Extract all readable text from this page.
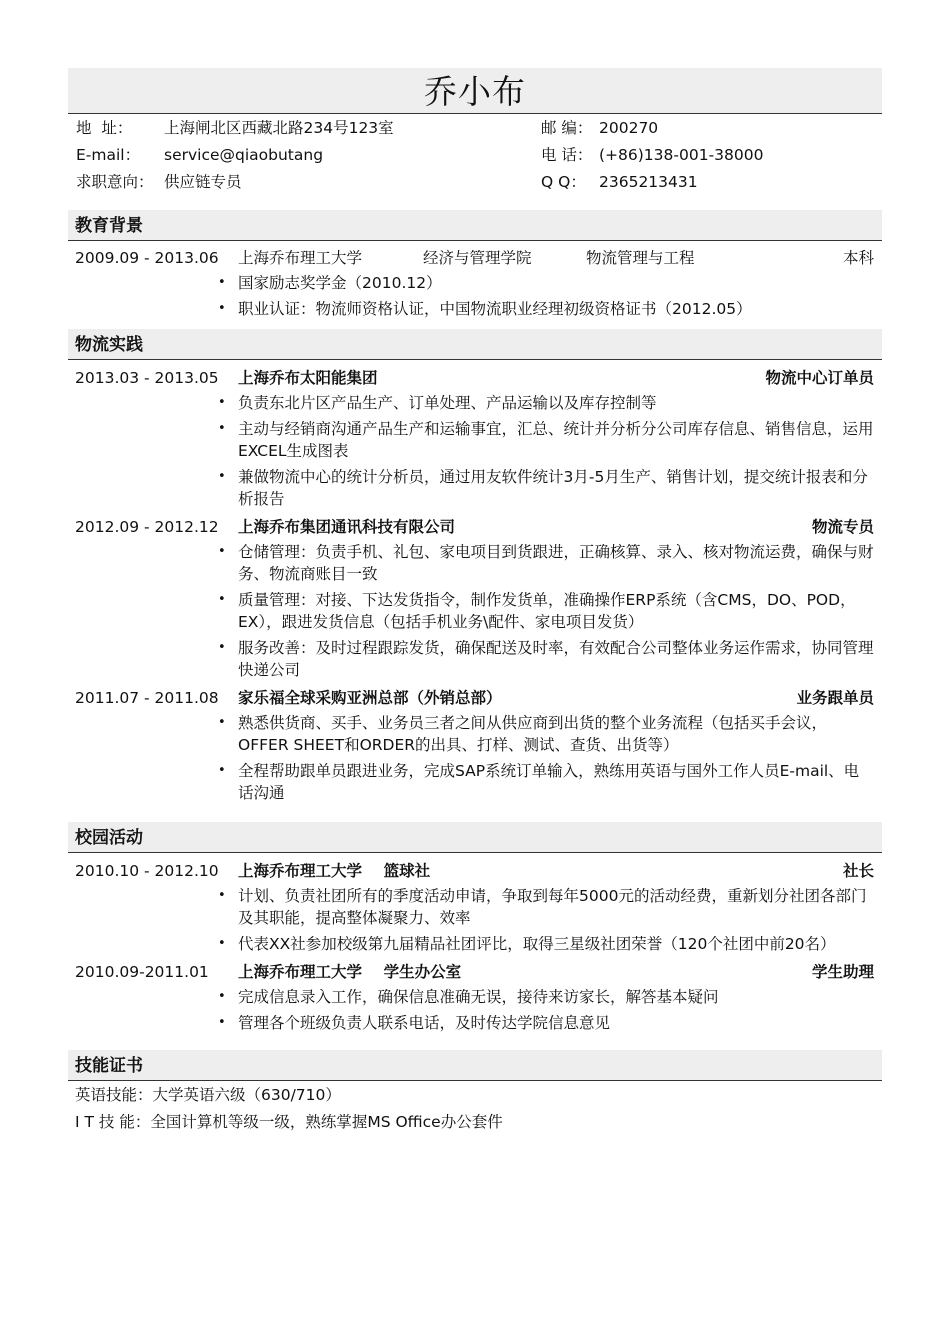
乔小布
地  址：	上海闸北区西藏北路234号123室	邮 编： 200270
E-mail：	service@qiaobutang	电 话： (+86)138-001-38000
求职意向： 供应链专员	Q Q： 2365213431
教育背景
2009.09 - 2013.06 上海乔布理工大学	经济与管理学院	物流管理与工程	本科
• 国家励志奖学金（2010.12）
• 职业认证：物流师资格认证，中国物流职业经理初级资格证书（2012.05）
物流实践
2013.03 - 2013.05 上海乔布太阳能集团	物流中心订单员
• 负责东北片区产品生产、订单处理、产品运输以及库存控制等
• 主动与经销商沟通产品生产和运输事宜，汇总、统计并分析分公司库存信息、销售信息，运用EXCEL生成图表
• 兼做物流中心的统计分析员，通过用友软件统计3月-5月生产、销售计划，提交统计报表和分析报告
2012.09 - 2012.12 上海乔布集团通讯科技有限公司	物流专员
• 仓储管理：负责手机、礼包、家电项目到货跟进，正确核算、录入、核对物流运费，确保与财务、物流商账目一致
• 质量管理：对接、下达发货指令，制作发货单，准确操作ERP系统（含CMS，DO、POD，EX），跟进发货信息（包括手机业务\配件、家电项目发货）
• 服务改善：及时过程跟踪发货，确保配送及时率，有效配合公司整体业务运作需求，协同管理快递公司
2011.07 - 2011.08 家乐福全球采购亚洲总部（外销总部）	业务跟单员
• 熟悉供货商、买手、业务员三者之间从供应商到出货的整个业务流程（包括买手会议，OFFER SHEET和ORDER的出具、打样、测试、查货、出货等）
• 全程帮助跟单员跟进业务，完成SAP系统订单输入，熟练用英语与国外工作人员E-mail、电话沟通
校园活动
2010.10 - 2012.10 上海乔布理工大学    篮球社	社长
• 计划、负责社团所有的季度活动申请，争取到每年5000元的活动经费，重新划分社团各部门及其职能，提高整体凝聚力、效率
• 代表XX社参加校级第九届精品社团评比，取得三星级社团荣誉（120个社团中前20名）
2010.09-2011.01 上海乔布理工大学    学生办公室	学生助理
• 完成信息录入工作，确保信息准确无误，接待来访家长，解答基本疑问
• 管理各个班级负责人联系电话，及时传达学院信息意见
技能证书
英语技能：大学英语六级（630/710）
I T 技 能：全国计算机等级一级，熟练掌握MS Office办公套件
